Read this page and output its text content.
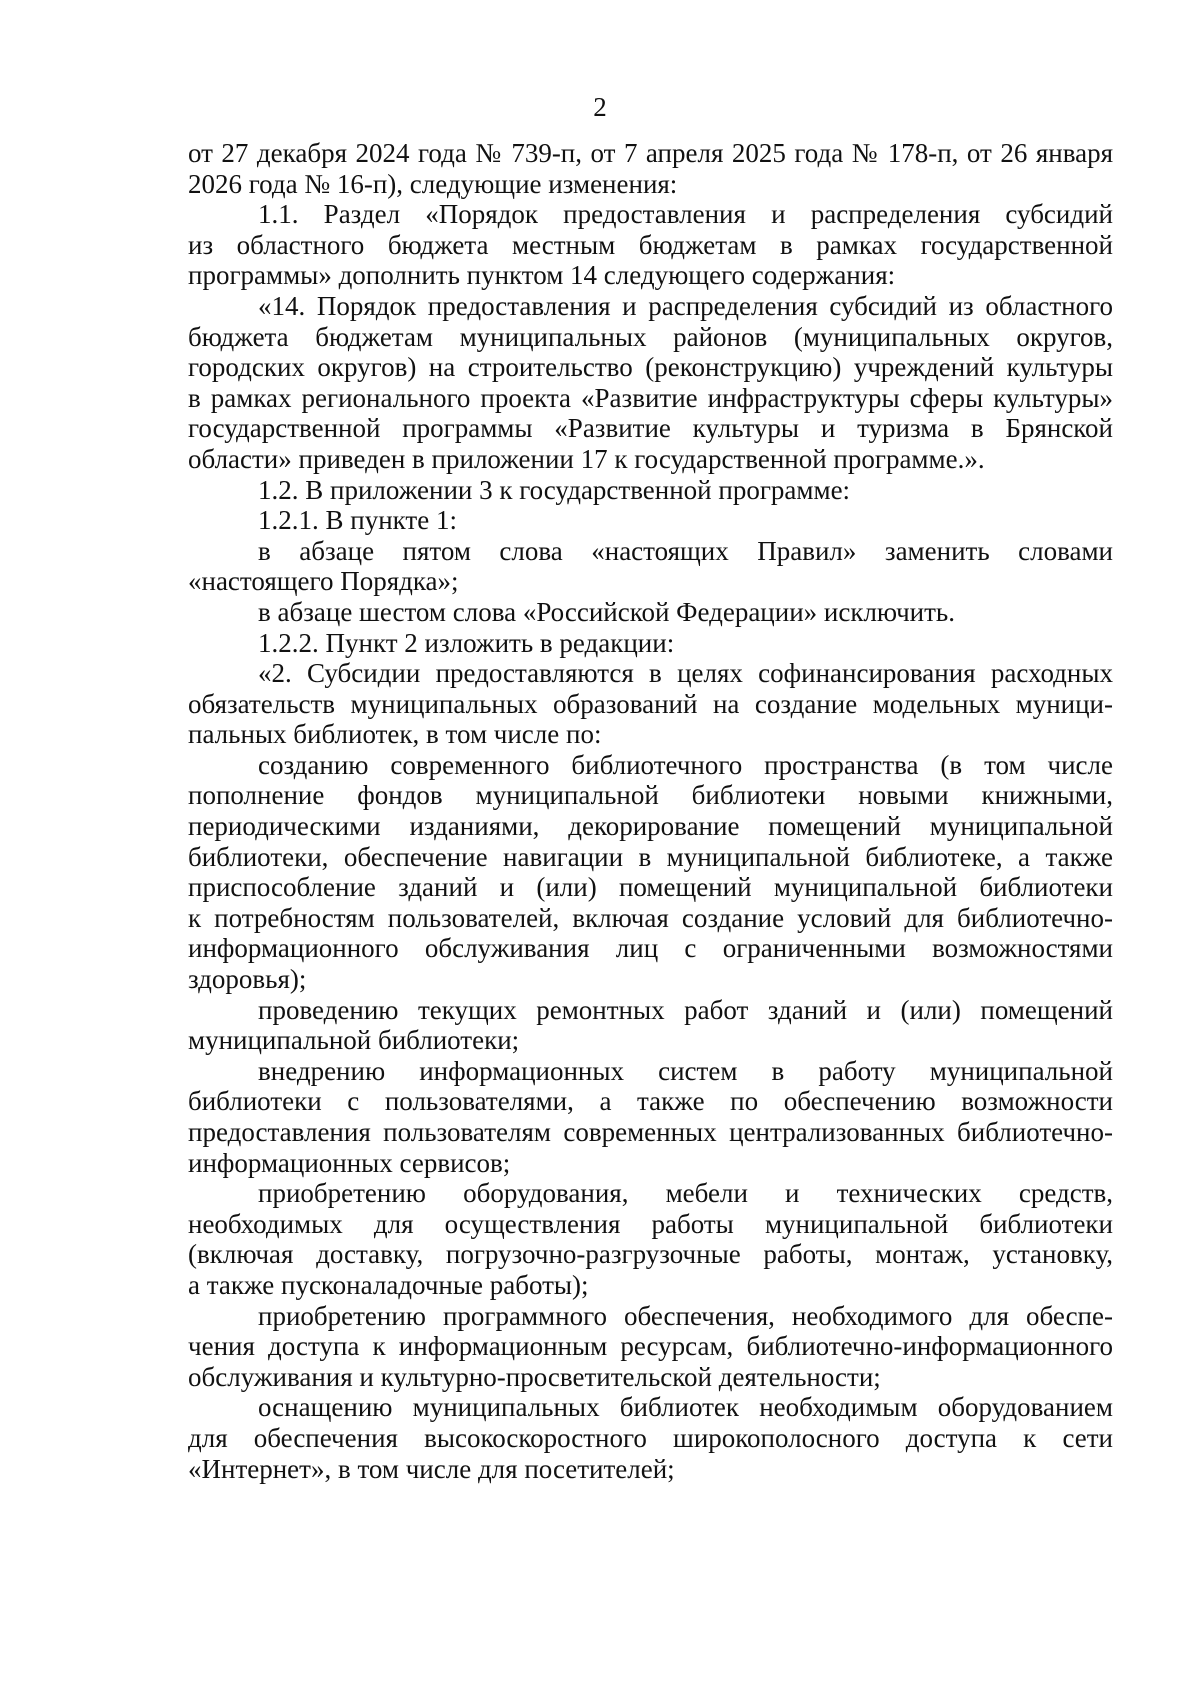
2
от 27 декабря 2024 года № 739-п, от 7 апреля 2025 года № 178-п, от 26 января
2026 года № 16-п), следующие изменения:
1.1. Раздел «Порядок предоставления и распределения субсидий
из областного бюджета местным бюджетам в рамках государственной
программы» дополнить пунктом 14 следующего содержания:
«14. Порядок предоставления и распределения субсидий из областного
бюджета бюджетам муниципальных районов (муниципальных округов,
городских округов) на строительство (реконструкцию) учреждений культуры
в рамках регионального проекта «Развитие инфраструктуры сферы культуры»
государственной программы «Развитие культуры и туризма в Брянской
области» приведен в приложении 17 к государственной программе.».
1.2. В приложении 3 к государственной программе:
1.2.1. В пункте 1:
в абзаце пятом слова «настоящих Правил» заменить словами
«настоящего Порядка»;
в абзаце шестом слова «Российской Федерации» исключить.
1.2.2. Пункт 2 изложить в редакции:
«2. Субсидии предоставляются в целях софинансирования расходных
обязательств муниципальных образований на создание модельных муници-
пальных библиотек, в том числе по:
созданию современного библиотечного пространства (в том числе
пополнение фондов муниципальной библиотеки новыми книжными,
периодическими изданиями, декорирование помещений муниципальной
библиотеки, обеспечение навигации в муниципальной библиотеке, а также
приспособление зданий и (или) помещений муниципальной библиотеки
к потребностям пользователей, включая создание условий для библиотечно-
информационного обслуживания лиц с ограниченными возможностями
здоровья);
проведению текущих ремонтных работ зданий и (или) помещений
муниципальной библиотеки;
внедрению информационных систем в работу муниципальной
библиотеки с пользователями, а также по обеспечению возможности
предоставления пользователям современных централизованных библиотечно-
информационных сервисов;
приобретению оборудования, мебели и технических средств,
необходимых для осуществления работы муниципальной библиотеки
(включая доставку, погрузочно-разгрузочные работы, монтаж, установку,
а также пусконаладочные работы);
приобретению программного обеспечения, необходимого для обеспе-
чения доступа к информационным ресурсам, библиотечно-информационного
обслуживания и культурно-просветительской деятельности;
оснащению муниципальных библиотек необходимым оборудованием
для обеспечения высокоскоростного широкополосного доступа к сети
«Интернет», в том числе для посетителей;
